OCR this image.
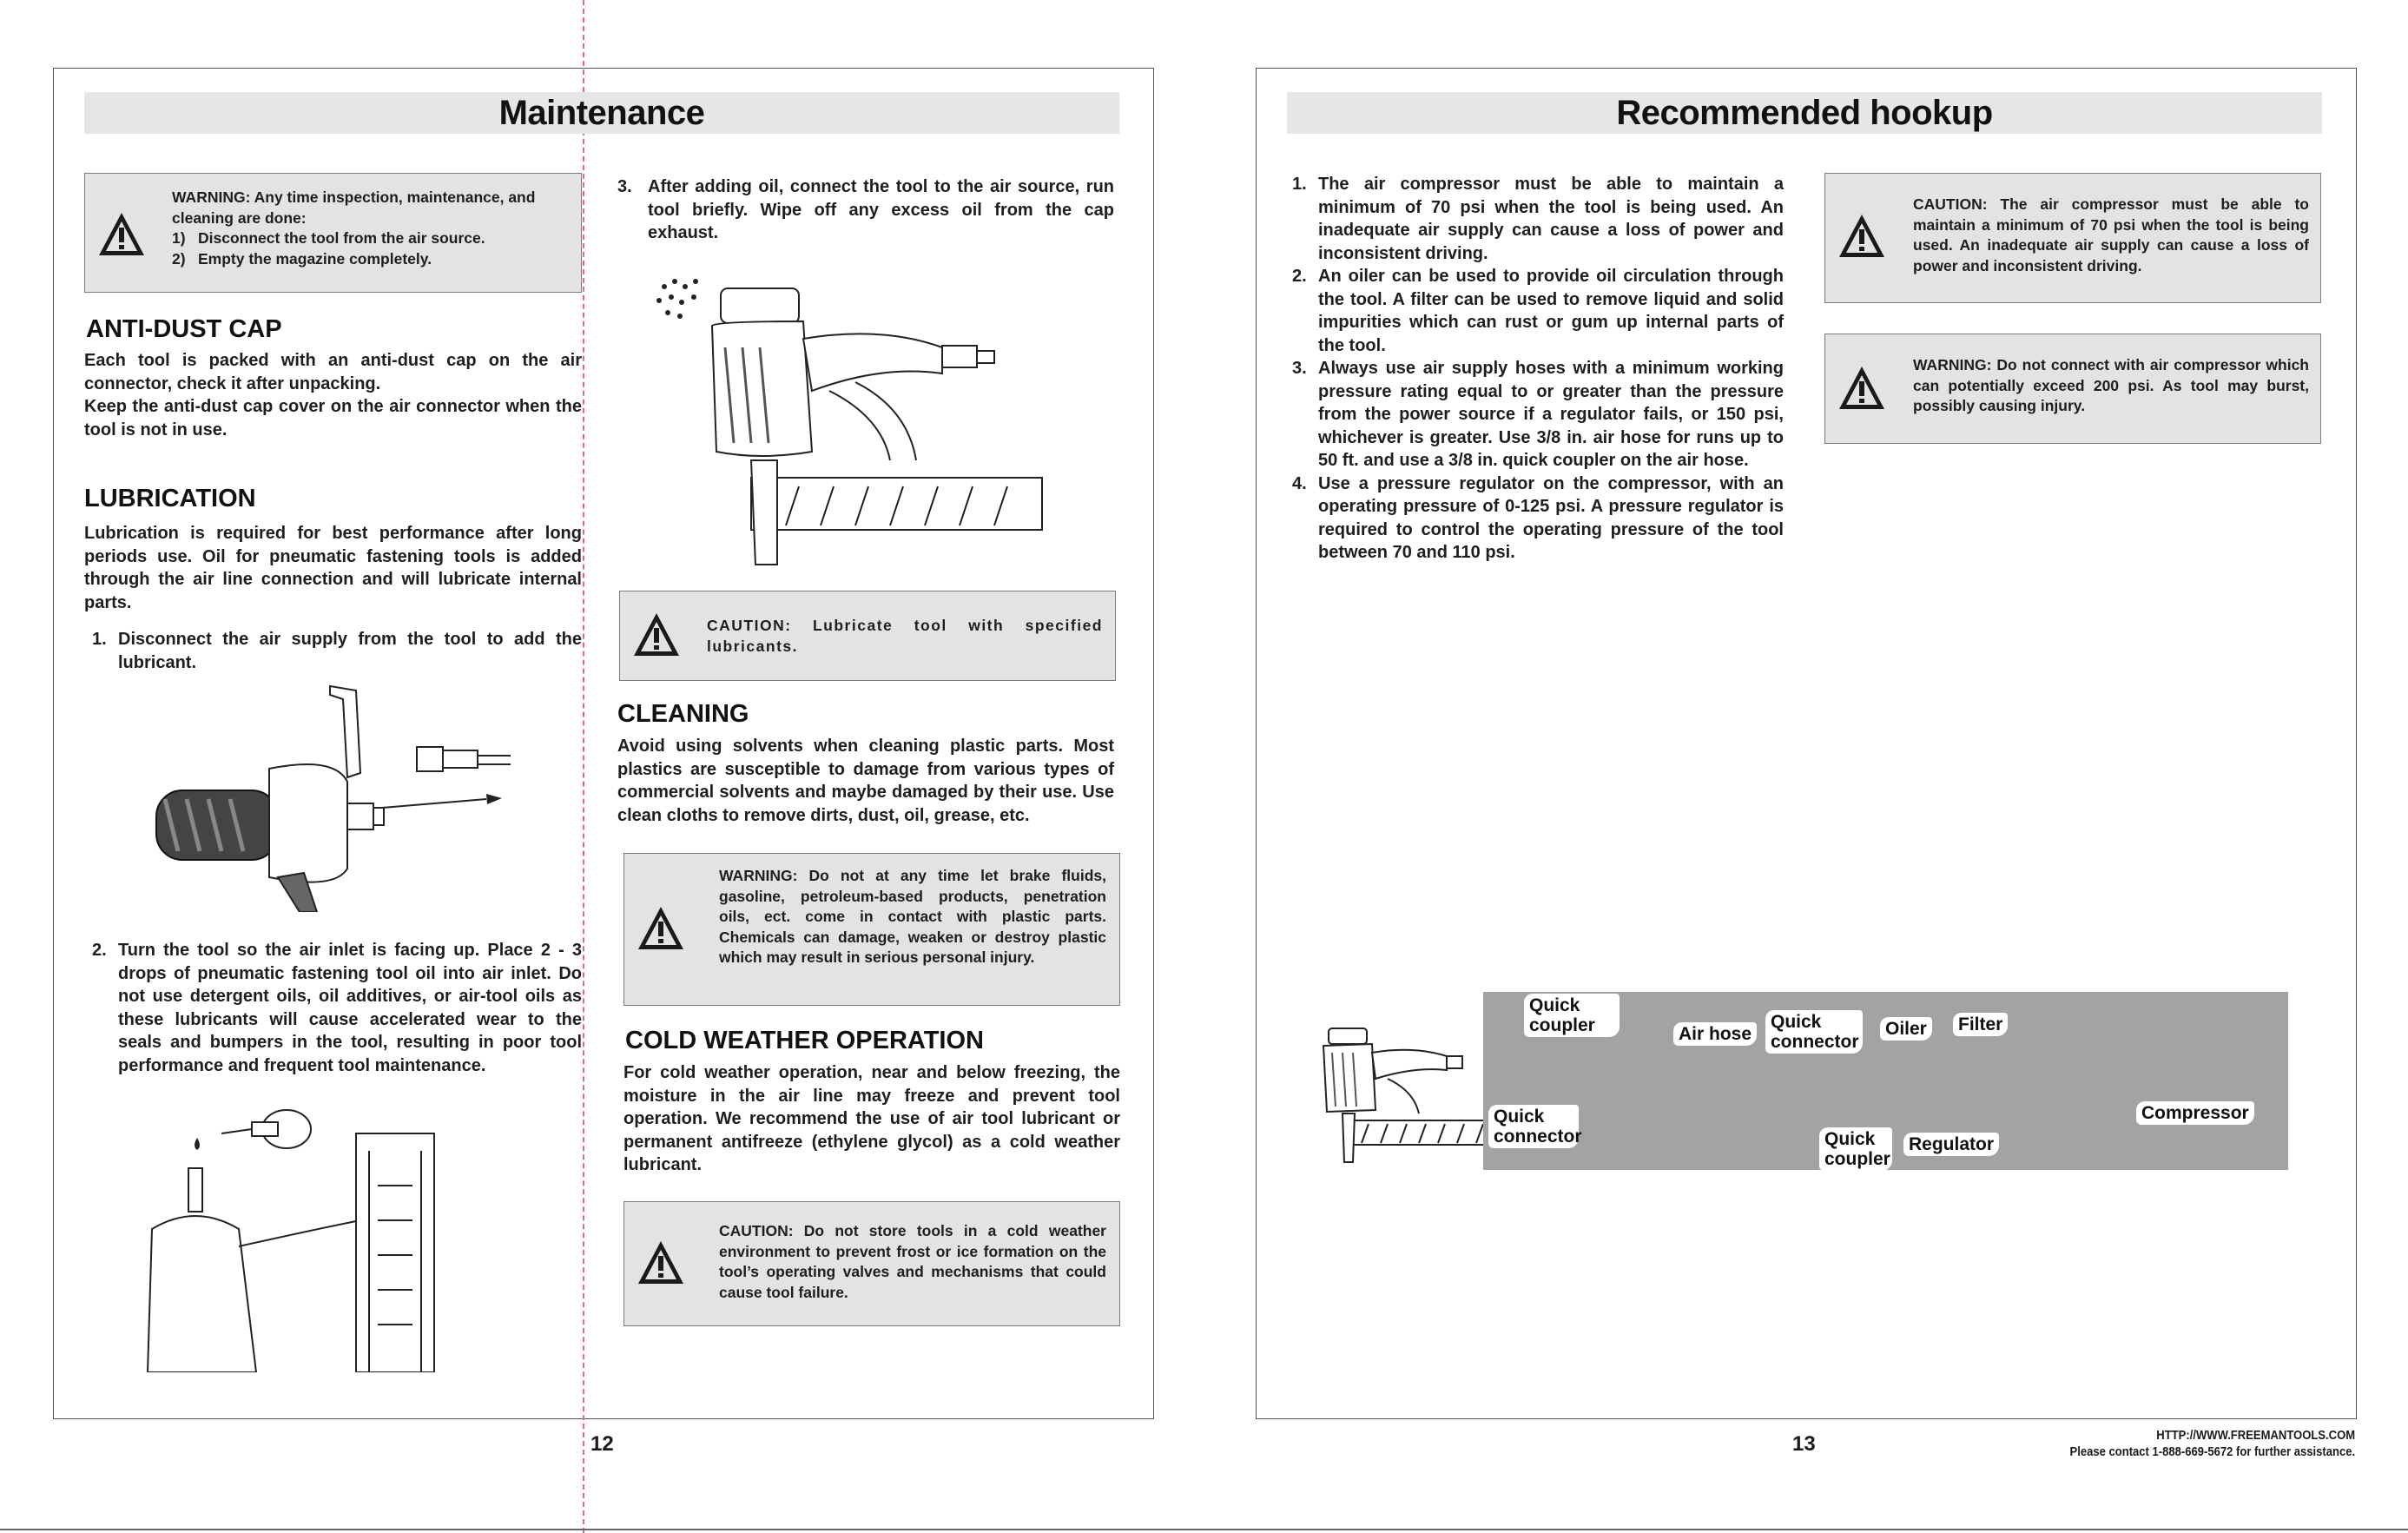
Maintenance
WARNING: Any time inspection, maintenance, and cleaning are done:
1) Disconnect the tool from the air source.
2) Empty the magazine completely.
ANTI-DUST CAP
Each tool is packed with an anti-dust cap on the air connector, check it after unpacking.
Keep the anti-dust cap cover on the air connector when the tool is not in use.
LUBRICATION
Lubrication is required for best performance after long periods use. Oil for pneumatic fastening tools is added through the air line connection and will lubricate internal parts.
1. Disconnect the air supply from the tool to add the lubricant.
2. Turn the tool so the air inlet is facing up. Place 2 - 3 drops of pneumatic fastening tool oil into air inlet. Do not use detergent oils, oil additives, or air-tool oils as these lubricants will cause accelerated wear to the seals and bumpers in the tool, resulting in poor tool performance and frequent tool maintenance.
3. After adding oil, connect the tool to the air source, run tool briefly. Wipe off any excess oil from the cap exhaust.
CAUTION: Lubricate tool with specified lubricants.
CLEANING
Avoid using solvents when cleaning plastic parts. Most plastics are susceptible to damage from various types of commercial solvents and maybe damaged by their use. Use clean cloths to remove dirts, dust, oil, grease, etc.
WARNING: Do not at any time let brake fluids, gasoline, petroleum-based products, penetration oils, ect. come in contact with plastic parts. Chemicals can damage, weaken or destroy plastic which may result in serious personal injury.
COLD WEATHER OPERATION
For cold weather operation, near and below freezing, the moisture in the air line may freeze and prevent tool operation. We recommend the use of air tool lubricant or permanent antifreeze (ethylene glycol) as a cold weather lubricant.
CAUTION: Do not store tools in a cold weather environment to prevent frost or ice formation on the tool’s operating valves and mechanisms that could cause tool failure.
12
Recommended hookup
1. The air compressor must be able to maintain a minimum of 70 psi when the tool is being used. An inadequate air supply can cause a loss of power and inconsistent driving.
2. An oiler can be used to provide oil circulation through the tool. A filter can be used to remove liquid and solid impurities which can rust or gum up internal parts of the tool.
3. Always use air supply hoses with a minimum working pressure rating equal to or greater than the pressure from the power source if a regulator fails, or 150 psi, whichever is greater. Use 3/8 in. air hose for runs up to 50 ft. and use a 3/8 in. quick coupler on the air hose.
4. Use a pressure regulator on the compressor, with an operating pressure of 0-125 psi. A pressure regulator is required to control the operating pressure of the tool between 70 and 110 psi.
CAUTION: The air compressor must be able to maintain a minimum of 70 psi when the tool is being used. An inadequate air supply can cause a loss of power and inconsistent driving.
WARNING: Do not connect with air compressor which can potentially exceed 200 psi. As tool may burst, possibly causing injury.
Quick coupler	Air hose
Quick connector
Oiler Filter
Quick connector	Quick coupler
Regulator
Compressor
13	HTTP://WWW.FREEMANTOOLS.COM
Please contact 1-888-669-5672 for further assistance.
